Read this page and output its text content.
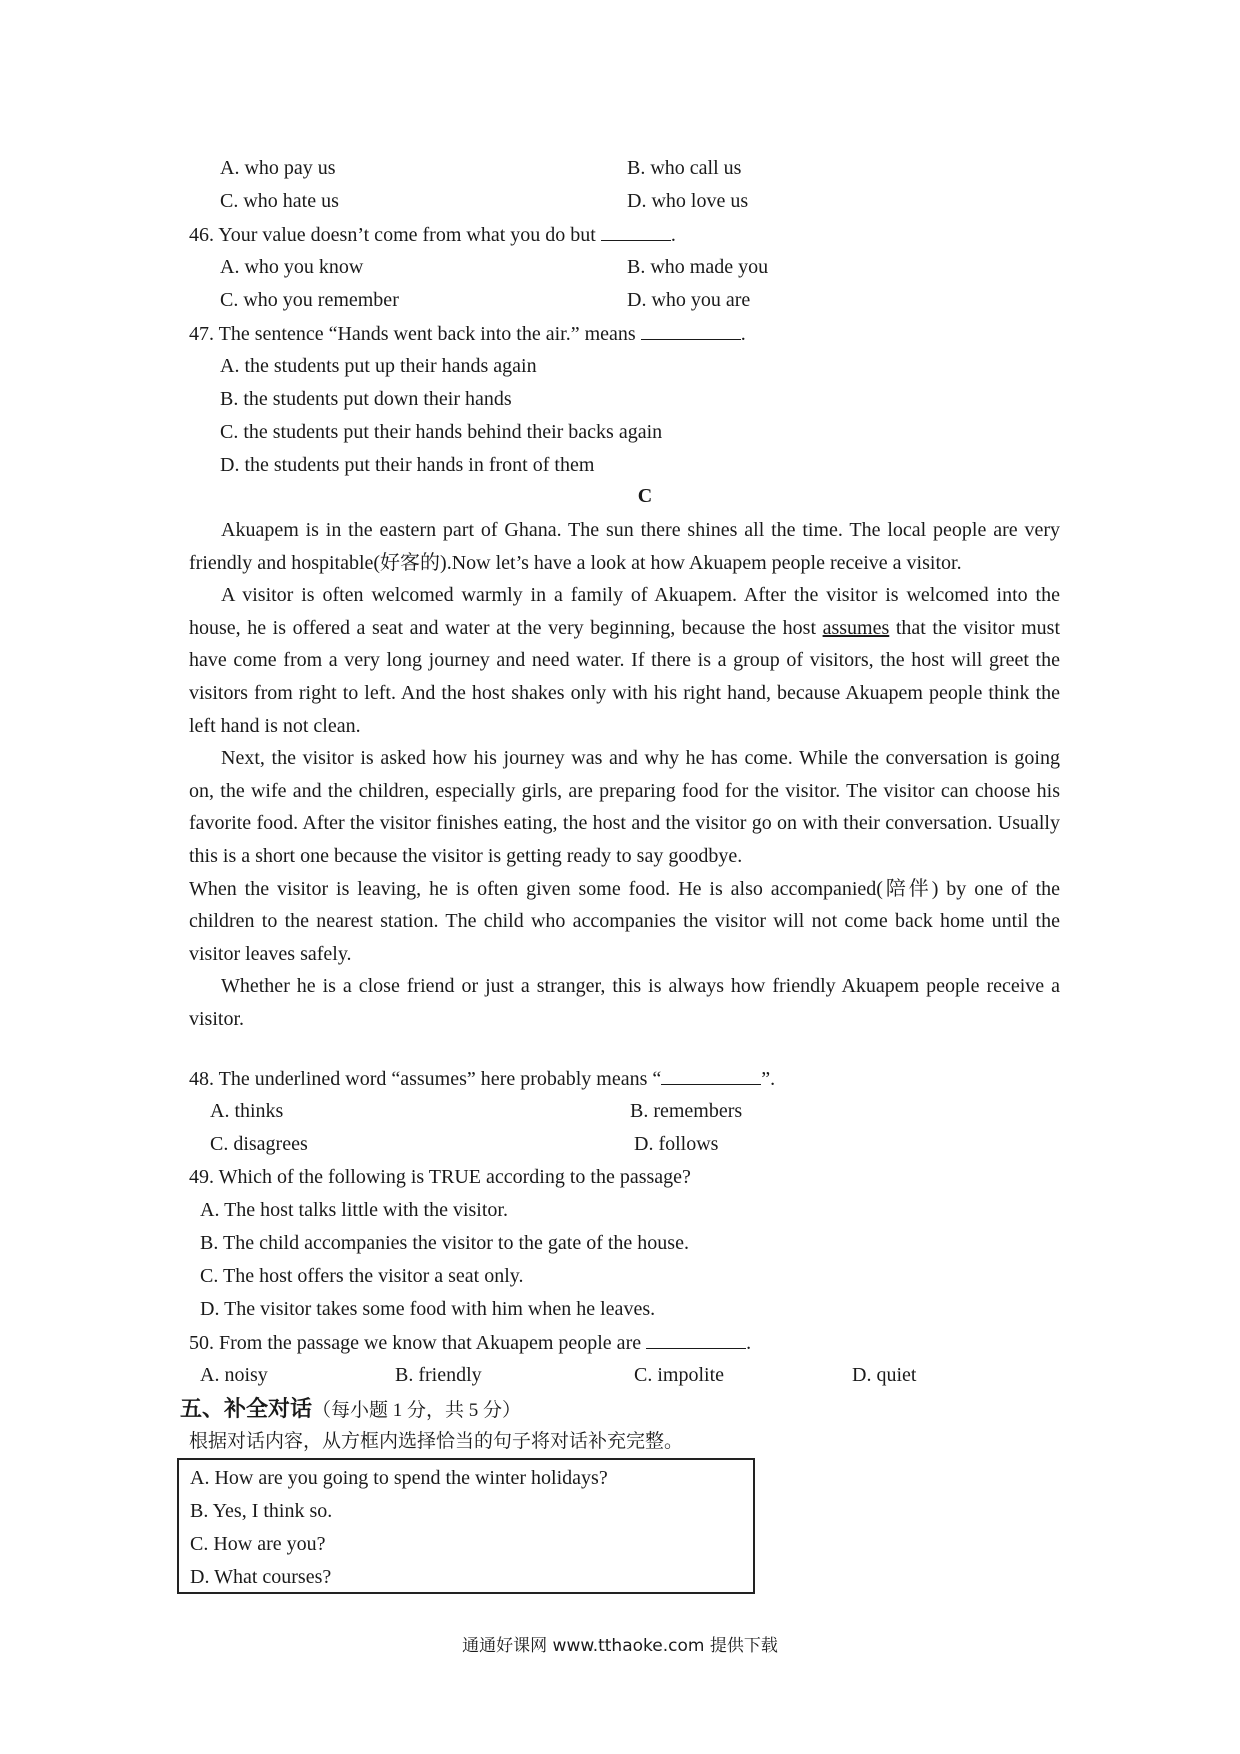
A. who pay us	B. who call us
C. who hate us	D. who love us
46. Your value doesn’t come from what you do but	.
A. who you know	B. who made you
C. who you remember	D. who you are
47. The sentence “Hands went back into the air.” means	.
A. the students put up their hands again
B. the students put down their hands
C. the students put their hands behind their backs again
D. the students put their hands in front of them
C

Akuapem is in the eastern part of Ghana. The sun there shines all the time. The local people are very friendly and hospitable(好客的).Now let’s have a look at how Akuapem people receive a visitor.

A visitor is often welcomed warmly in a family of Akuapem. After the visitor is welcomed into the house, he is offered a seat and water at the very beginning, because the host assumes that the visitor must have come from a very long journey and need water. If there is a group of visitors, the host will greet the visitors from right to left. And the host shakes only with his right hand, because Akuapem people think the left hand is not clean.

Next, the visitor is asked how his journey was and why he has come. While the conversation is going on, the wife and the children, especially girls, are preparing food for the visitor. The visitor can choose his favorite food. After the visitor finishes eating, the host and the visitor go on with their conversation. Usually this is a short one because the visitor is getting ready to say goodbye.

When the visitor is leaving, he is often given some food. He is also accompanied(陪伴) by one of the children to the nearest station. The child who accompanies the visitor will not come back home until the visitor leaves safely.

Whether he is a close friend or just a stranger, this is always how friendly Akuapem people receive a visitor.

48. The underlined word “assumes” here probably means “	”.
A. thinks	B. remembers
C. disagrees	D. follows
49. Which of the following is TRUE according to the passage?
A. The host talks little with the visitor.
B. The child accompanies the visitor to the gate of the house.
C. The host offers the visitor a seat only.
D. The visitor takes some food with him when he leaves.
50. From the passage we know that Akuapem people are	.
A. noisy	B. friendly	C. impolite	D. quiet
五、补全对话（每小题 1 分，共 5 分）
根据对话内容，从方框内选择恰当的句子将对话补充完整。
A. How are you going to spend the winter holidays?
B. Yes, I think so.
C. How are you?
D. What courses?
通通好课网 www.tthaoke.com 提供下载
